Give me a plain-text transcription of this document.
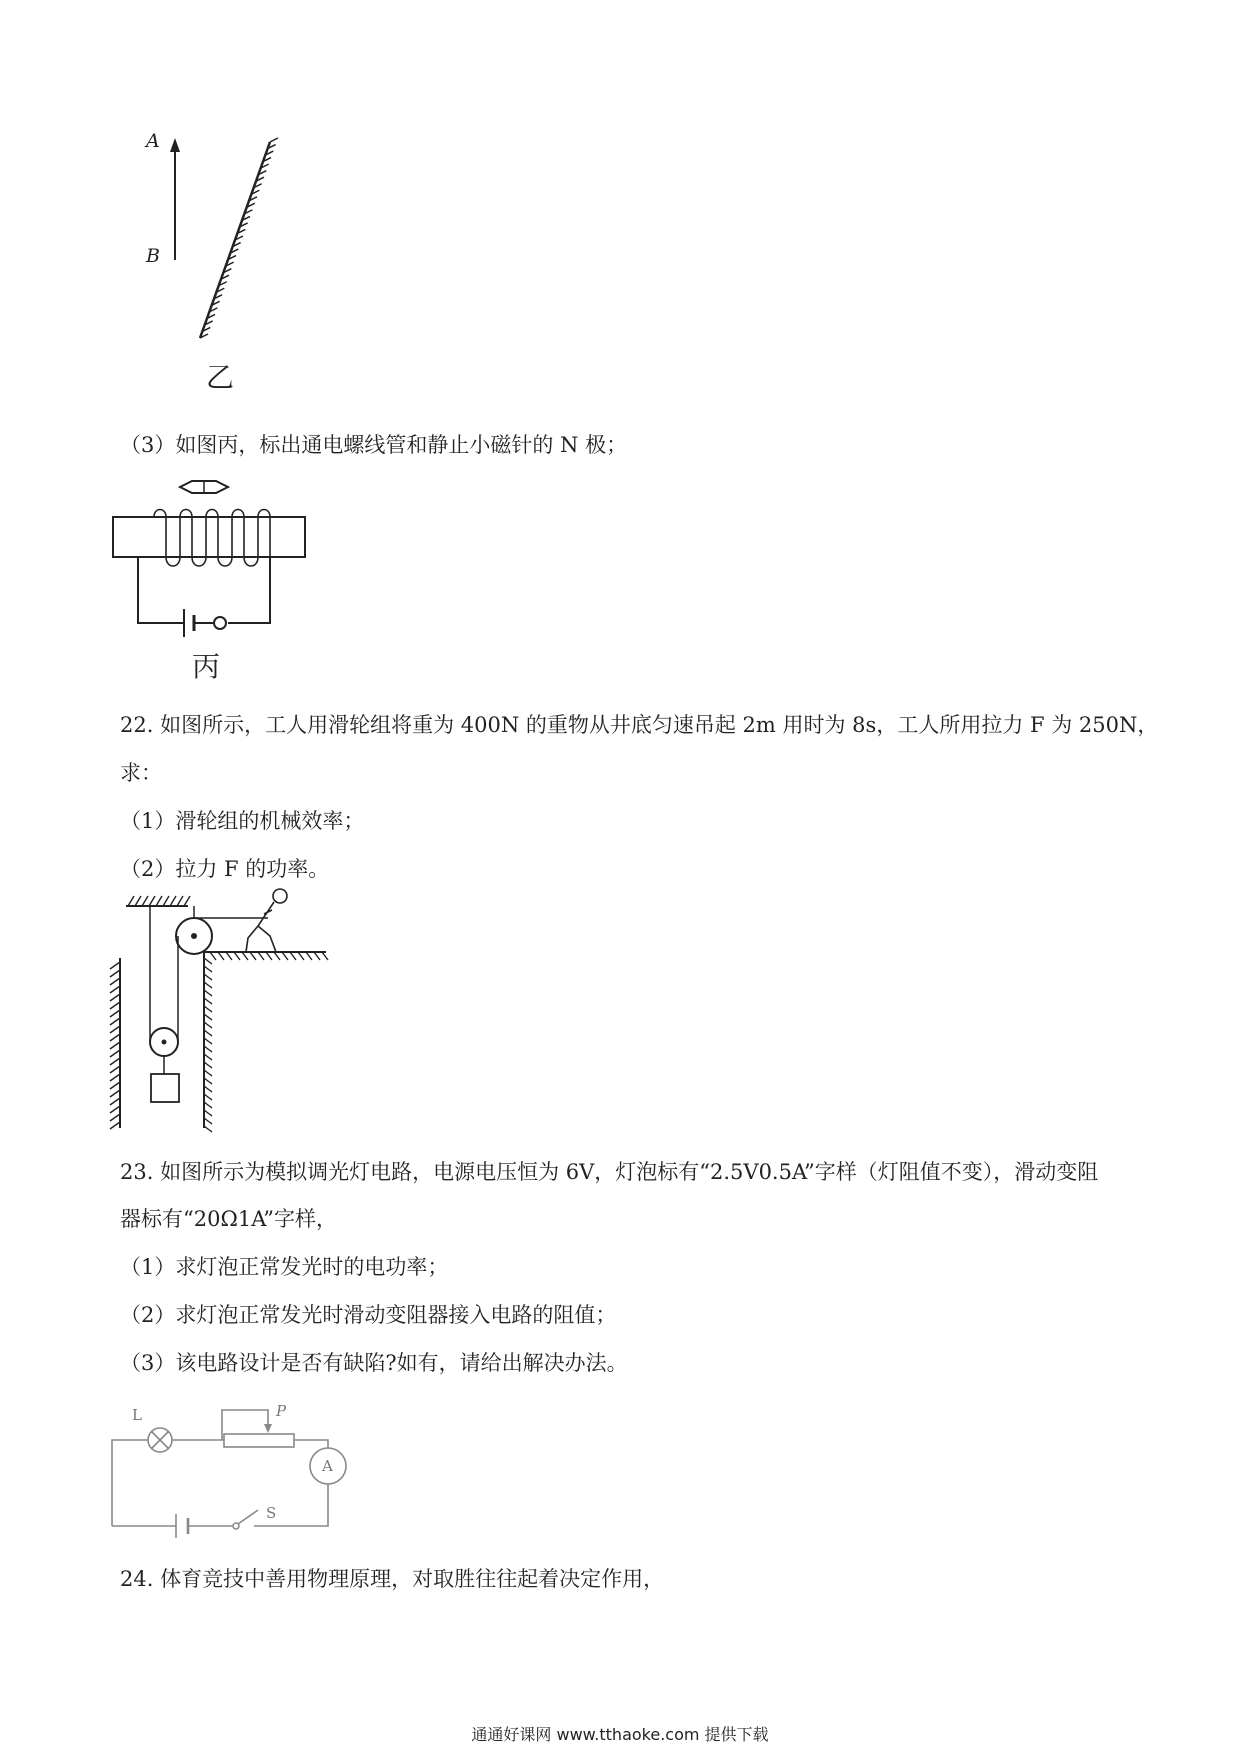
A
B
乙
（3）如图丙，标出通电螺线管和静止小磁针的 N 极；
丙
22. 如图所示，工人用滑轮组将重为 400N 的重物从井底匀速吊起 2m 用时为 8s，工人所用拉力 F 为 250N，
求：
（1）滑轮组的机械效率；
（2）拉力 F 的功率。
23. 如图所示为模拟调光灯电路，电源电压恒为 6V，灯泡标有“2.5V0.5A”字样（灯阻值不变），滑动变阻
器标有“20Ω1A”字样，
（1）求灯泡正常发光时的电功率；
（2）求灯泡正常发光时滑动变阻器接入电路的阻值；
（3）该电路设计是否有缺陷?如有，请给出解决办法。
L	P
A
S
24. 体育竞技中善用物理原理，对取胜往往起着决定作用，
通通好课网 www.tthaoke.com 提供下载
